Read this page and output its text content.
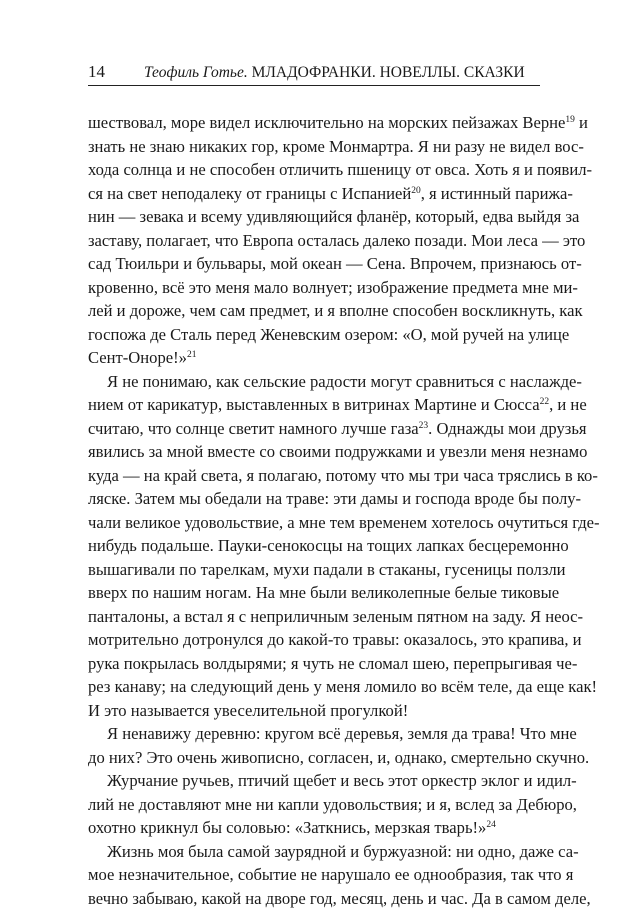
14	Теофиль Готье. МЛАДОФРАНКИ. НОВЕЛЛЫ. СКАЗКИ
шествовал, море видел исключительно на морских пейзажах Верне$^{19}$ и
знать не знаю никаких гор, кроме Монмартра. Я ни разу не видел вос-
хода солнца и не способен отличить пшеницу от овса. Хоть я и появил-
ся на свет неподалеку от границы с Испанией$^{20}$, я истинный парижа-
нин — зевака и всему удивляющийся фланёр, который, едва выйдя за
заставу, полагает, что Европа осталась далеко позади. Мои леса — это
сад Тюильри и бульвары, мой океан — Сена. Впрочем, признаюсь от-
кровенно, всё это меня мало волнует; изображение предмета мне ми-
лей и дороже, чем сам предмет, и я вполне способен воскликнуть, как
госпожа де Сталь перед Женевским озером: «О, мой ручей на улице
Сент-Оноре!»$^{21}$
Я не понимаю, как сельские радости могут сравниться с наслажде-
нием от карикатур, выставленных в витринах Мартине и Сюсса$^{22}$, и не
считаю, что солнце светит намного лучше газа$^{23}$. Однажды мои друзья
явились за мной вместе со своими подружками и увезли меня незнамо
куда — на край света, я полагаю, потому что мы три часа тряслись в ко-
ляске. Затем мы обедали на траве: эти дамы и господа вроде бы полу-
чали великое удовольствие, а мне тем временем хотелось очутиться где-
нибудь подальше. Пауки-сенокосцы на тощих лапках бесцеремонно
вышагивали по тарелкам, мухи падали в стаканы, гусеницы ползли
вверх по нашим ногам. На мне были великолепные белые тиковые
панталоны, а встал я с неприличным зеленым пятном на заду. Я неос-
мотрительно дотронулся до какой-то травы: оказалось, это крапива, и
рука покрылась волдырями; я чуть не сломал шею, перепрыгивая че-
рез канаву; на следующий день у меня ломило во всём теле, да еще как!
И это называется увеселительной прогулкой!
Я ненавижу деревню: кругом всё деревья, земля да трава! Что мне
до них? Это очень живописно, согласен, и, однако, смертельно скучно.
Журчание ручьев, птичий щебет и весь этот оркестр эклог и идил-
лий не доставляют мне ни капли удовольствия; и я, вслед за Дебюро,
охотно крикнул бы соловью: «Заткнись, мерзкая тварь!»$^{24}$
Жизнь моя была самой заурядной и буржуазной: ни одно, даже са-
мое незначительное, событие не нарушало ее однообразия, так что я
вечно забываю, какой на дворе год, месяц, день и час. Да в самом деле,
